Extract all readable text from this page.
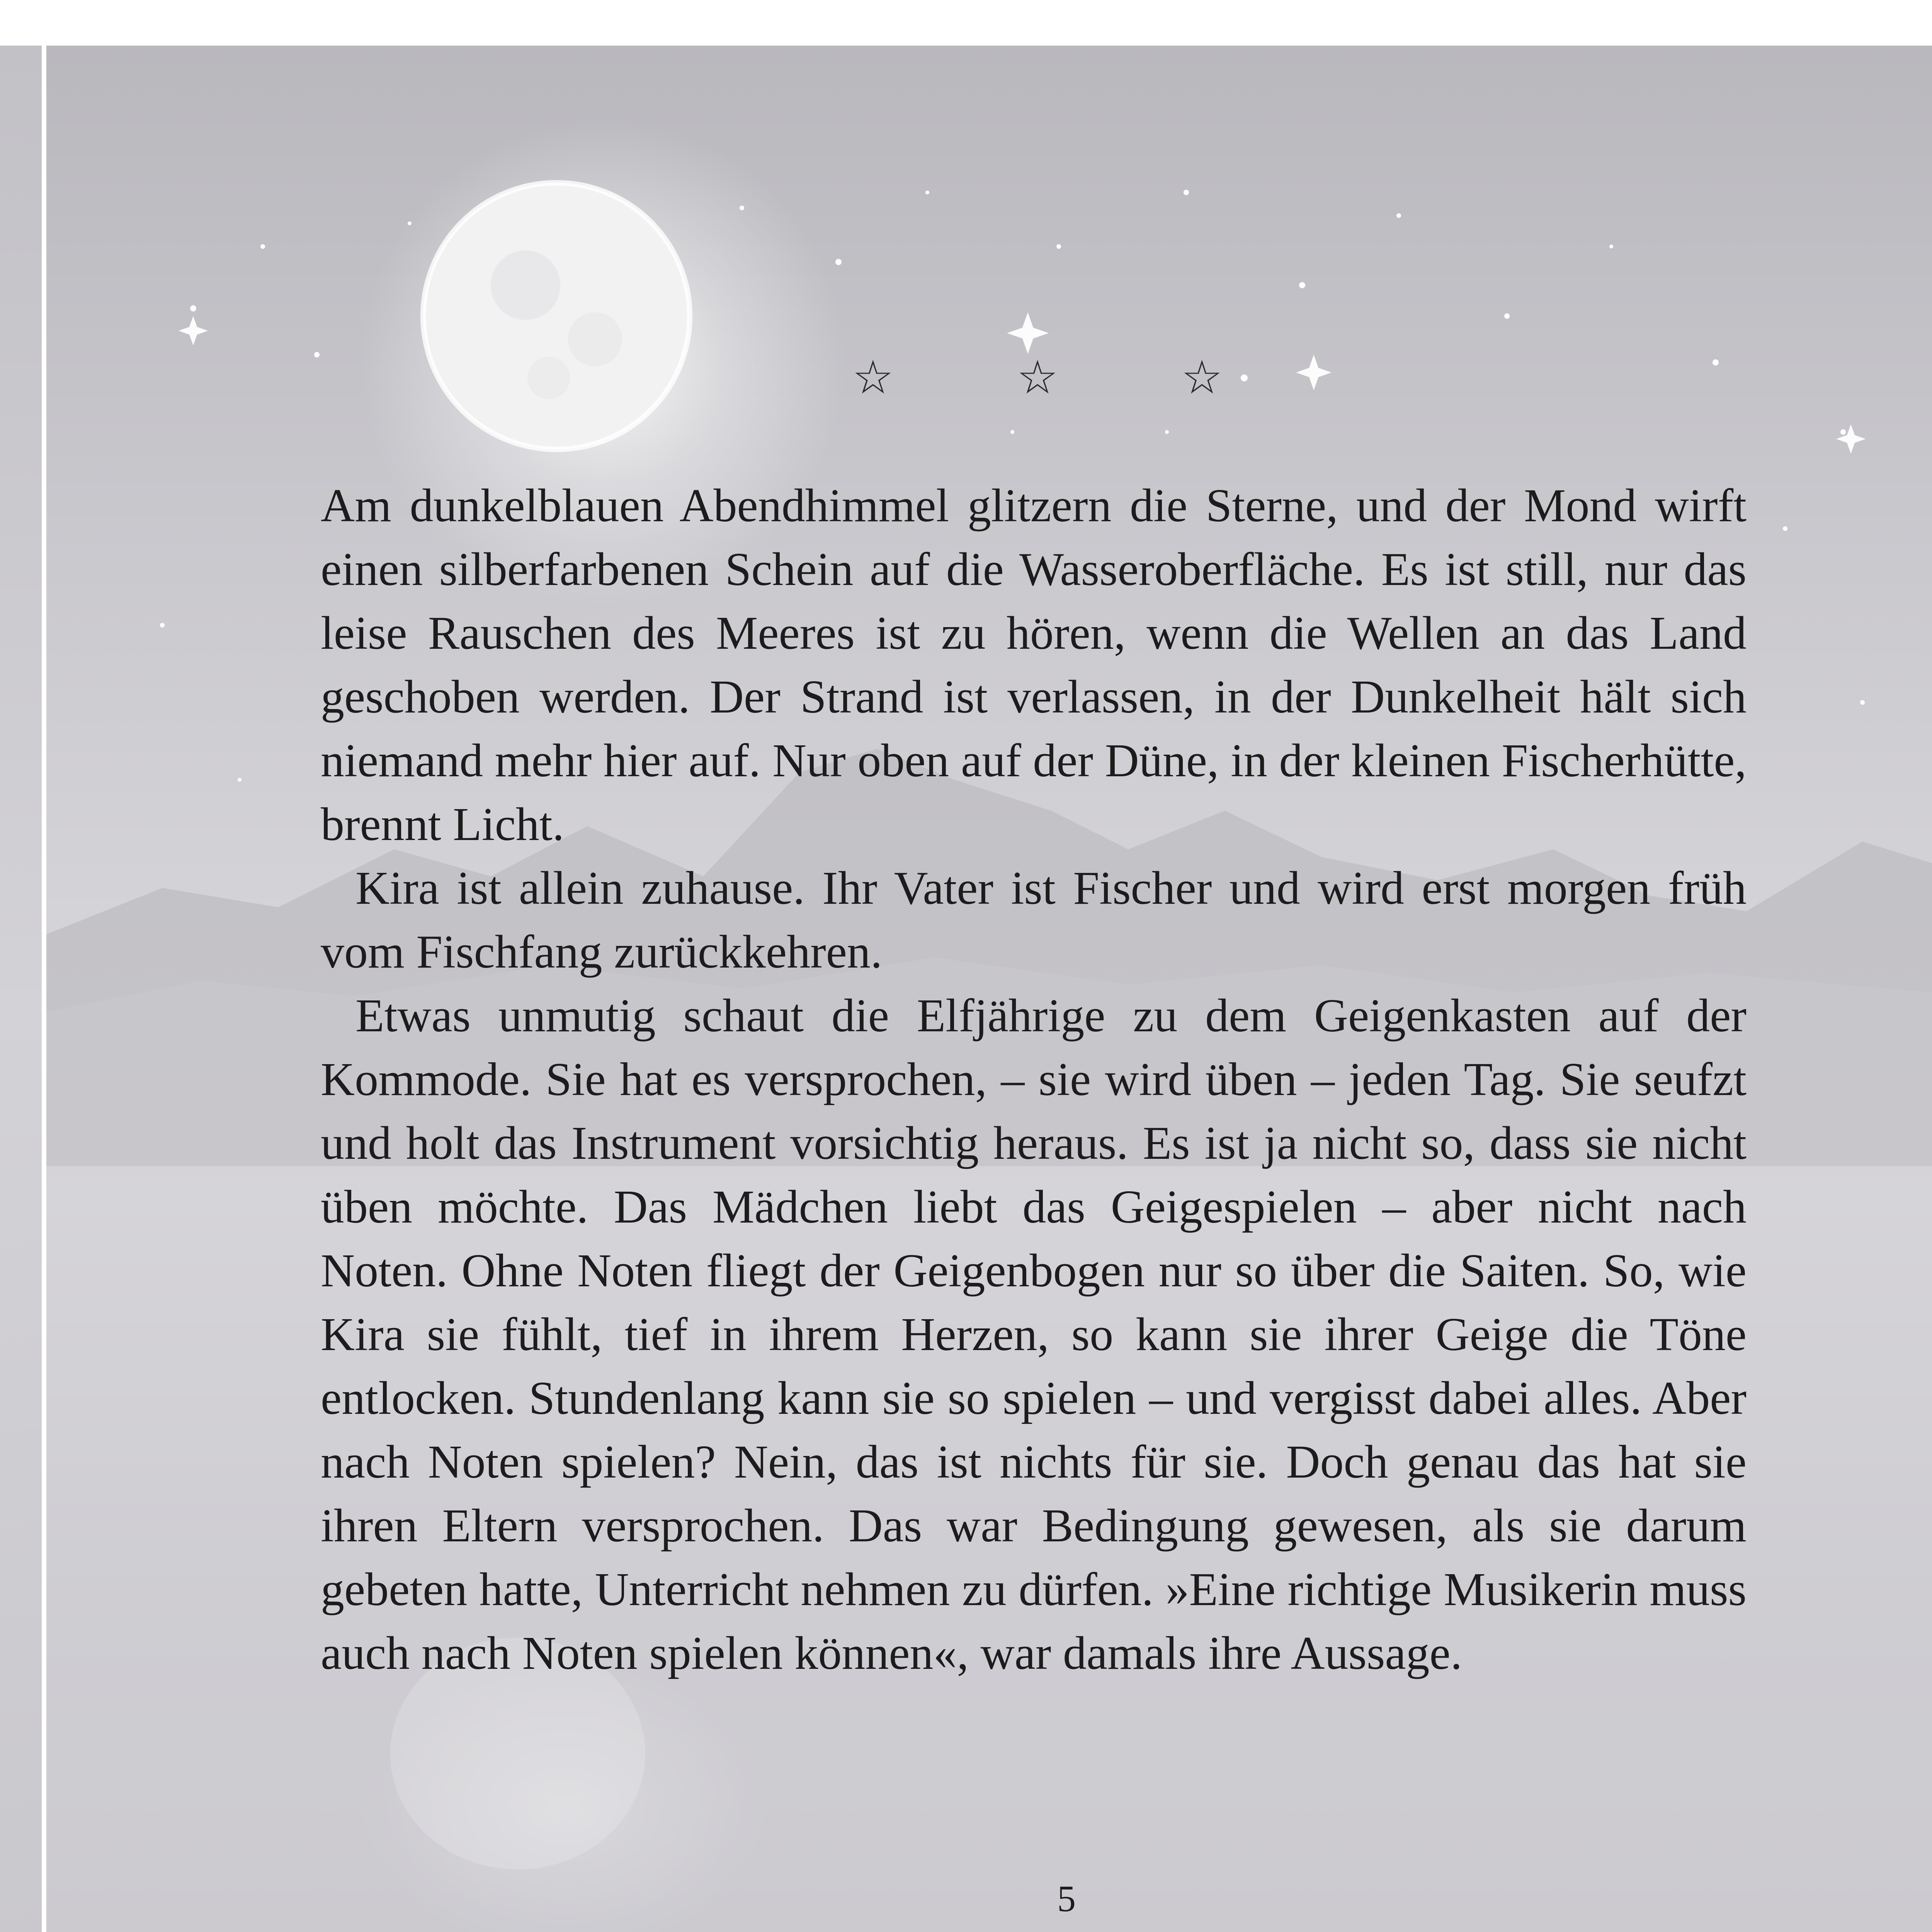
☆ ☆ ☆

Am dunkelblauen Abendhimmel glitzern die Sterne, und der Mond wirft einen silberfarbenen Schein auf die Wasseroberfläche. Es ist still, nur das leise Rauschen des Meeres ist zu hören, wenn die Wellen an das Land geschoben werden. Der Strand ist verlassen, in der Dunkelheit hält sich niemand mehr hier auf. Nur oben auf der Düne, in der kleinen Fischerhütte, brennt Licht.

Kira ist allein zuhause. Ihr Vater ist Fischer und wird erst morgen früh vom Fischfang zurückkehren.

Etwas unmutig schaut die Elfjährige zu dem Geigenkasten auf der Kommode. Sie hat es versprochen, – sie wird üben – jeden Tag. Sie seufzt und holt das Instrument vorsichtig heraus. Es ist ja nicht so, dass sie nicht üben möchte. Das Mädchen liebt das Geigespielen – aber nicht nach Noten. Ohne Noten fliegt der Geigenbogen nur so über die Saiten. So, wie Kira sie fühlt, tief in ihrem Herzen, so kann sie ihrer Geige die Töne entlocken. Stundenlang kann sie so spielen – und vergisst dabei alles. Aber nach Noten spielen? Nein, das ist nichts für sie. Doch genau das hat sie ihren Eltern versprochen. Das war Bedingung gewesen, als sie darum gebeten hatte, Unterricht nehmen zu dürfen. »Eine richtige Musikerin muss auch nach Noten spielen können«, war damals ihre Aussage.

5
